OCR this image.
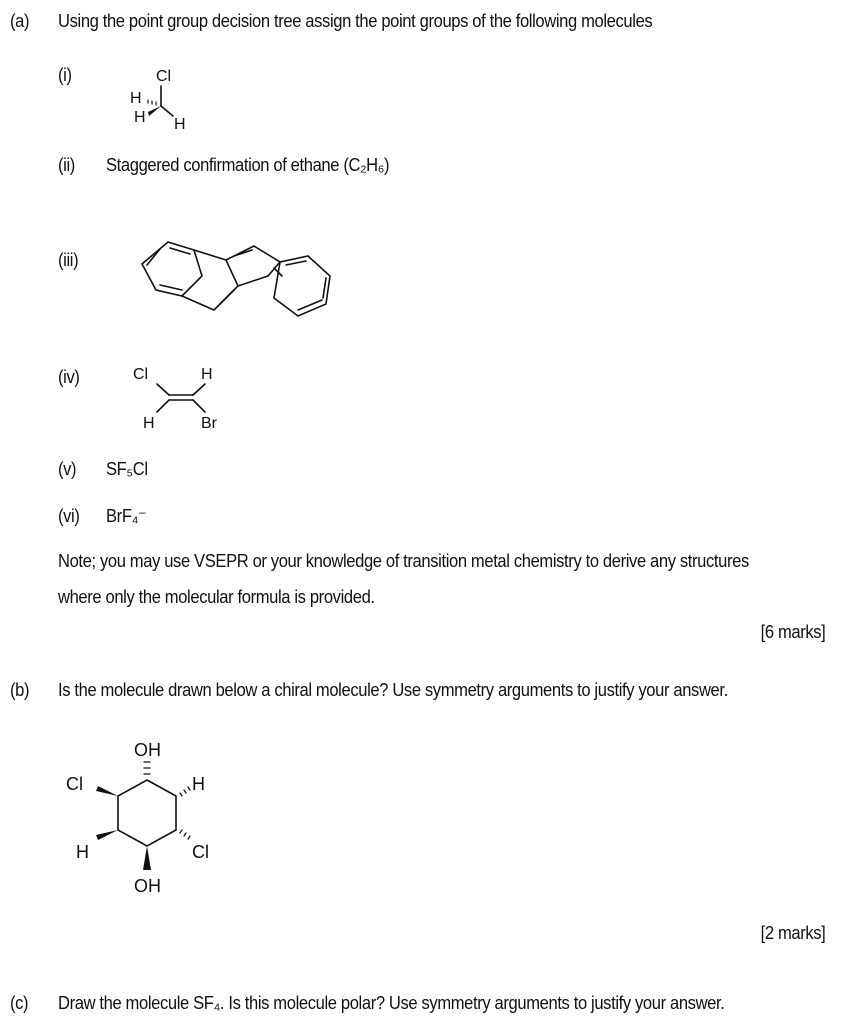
(a) Using the point group decision tree assign the point groups of the following molecules
(i)	Cl
H
H H
(ii) Staggered confirmation of ethane (C₂H₆)
(iii)
(iv)	Cl	H
H	Br
(v) SF₅Cl
(vi) BrF₄⁻
Note; you may use VSEPR or your knowledge of transition metal chemistry to derive any structures
where only the molecular formula is provided.
[6 marks]
(b) Is the molecule drawn below a chiral molecule? Use symmetry arguments to justify your answer.
OH
Cl	H
H	Cl
OH
[2 marks]
(c) Draw the molecule SF₄. Is this molecule polar? Use symmetry arguments to justify your answer.
